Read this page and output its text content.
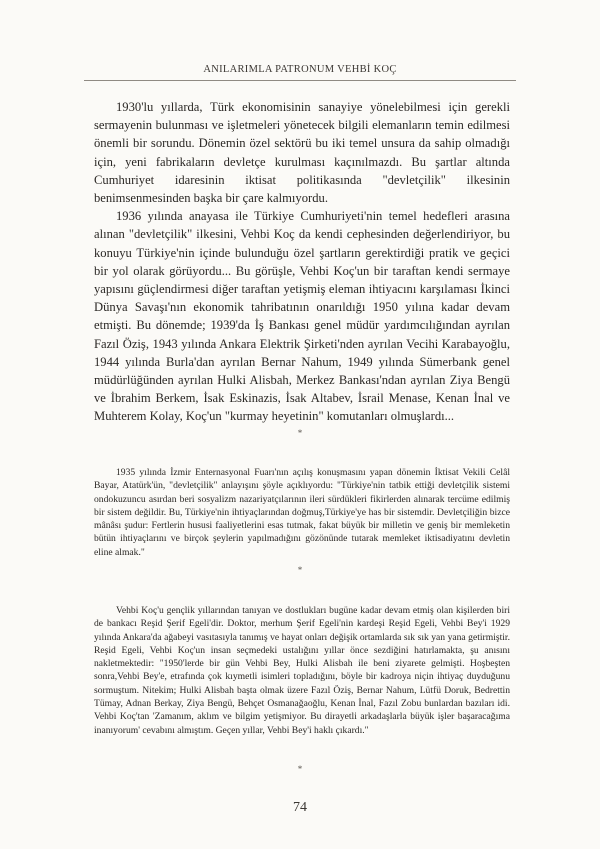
ANILARIMLA PATRONUM VEHBİ KOÇ

1930'lu yıllarda, Türk ekonomisinin sanayiye yönelebilmesi için gerekli sermayenin bulunması ve işletmeleri yönetecek bilgili elemanların temin edilmesi önemli bir sorundu. Dönemin özel sektörü bu iki temel unsura da sahip olmadığı için, yeni fabrikaların devletçe kurulması kaçınılmazdı. Bu şartlar altında Cumhuriyet idaresinin iktisat politikasında "devletçilik" ilkesinin benimsenmesinden başka bir çare kalmıyordu.

1936 yılında anayasa ile Türkiye Cumhuriyeti'nin temel hedefleri arasına alınan "devletçilik" ilkesini, Vehbi Koç da kendi cephesinden değerlendiriyor, bu konuyu Türkiye'nin içinde bulunduğu özel şartların gerektirdiği pratik ve geçici bir yol olarak görüyordu... Bu görüşle, Vehbi Koç'un bir taraftan kendi sermaye yapısını güçlendirmesi diğer taraftan yetişmiş eleman ihtiyacını karşılaması İkinci Dünya Savaşı'nın ekonomik tahribatının onarıldığı 1950 yılına kadar devam etmişti. Bu dönemde; 1939'da İş Bankası genel müdür yardımcılığından ayrılan Fazıl Öziş, 1943 yılında Ankara Elektrik Şirketi'nden ayrılan Vecihi Karabayoğlu, 1944 yılında Burla'dan ayrılan Bernar Nahum, 1949 yılında Sümerbank genel müdürlüğünden ayrılan Hulki Alisbah, Merkez Bankası'ndan ayrılan Ziya Bengü ve İbrahim Berkem, İsak Eskinazis, İsak Altabev, İsrail Menase, Kenan İnal ve Muhterem Kolay, Koç'un "kurmay heyetinin" komutanları olmuşlardı...

*

1935 yılında İzmir Enternasyonal Fuarı'nın açılış konuşmasını yapan dönemin İktisat Vekili Celâl Bayar, Atatürk'ün, "devletçilik" anlayışını şöyle açıklıyordu: "Türkiye'nin tatbik ettiği devletçilik sistemi ondokuzuncu asırdan beri sosyalizm nazariyatçılarının ileri sürdükleri fikirlerden alınarak tercüme edilmiş bir sistem değildir. Bu, Türkiye'nin ihtiyaçlarından doğmuş,Türkiye'ye has bir sistemdir. Devletçiliğin bizce mânâsı şudur: Fertlerin hususi faaliyetlerini esas tutmak, fakat büyük bir milletin ve geniş bir memleketin bütün ihtiyaçlarını ve birçok şeylerin yapılmadığını gözönünde tutarak memleket iktisadiyatını devletin eline almak."

*

Vehbi Koç'u gençlik yıllarından tanıyan ve dostlukları bugüne kadar devam etmiş olan kişilerden biri de bankacı Reşid Şerif Egeli'dir. Doktor, merhum Şerif Egeli'nin kardeşi Reşid Egeli, Vehbi Bey'i 1929 yılında Ankara'da ağabeyi vasıtasıyla tanımış ve hayat onları değişik ortamlarda sık sık yan yana getirmiştir. Reşid Egeli, Vehbi Koç'un insan seçmedeki ustalığını yıllar önce sezdiğini hatırlamakta, şu anısını nakletmektedir: "1950'lerde bir gün Vehbi Bey, Hulki Alisbah ile beni ziyarete gelmişti. Hoşbeşten sonra,Vehbi Bey'e, etrafında çok kıymetli isimleri topladığını, böyle bir kadroya niçin ihtiyaç duyduğunu sormuştum. Nitekim; Hulki Alisbah başta olmak üzere Fazıl Öziş, Bernar Nahum, Lütfü Doruk, Bedrettin Tümay, Adnan Berkay, Ziya Bengü, Behçet Osmanağaoğlu, Kenan İnal, Fazıl Zobu bunlardan bazıları idi. Vehbi Koç'tan 'Zamanım, aklım ve bilgim yetişmiyor. Bu dirayetli arkadaşlarla büyük işler başaracağıma inanıyorum' cevabını almıştım. Geçen yıllar, Vehbi Bey'i haklı çıkardı."

*
74
